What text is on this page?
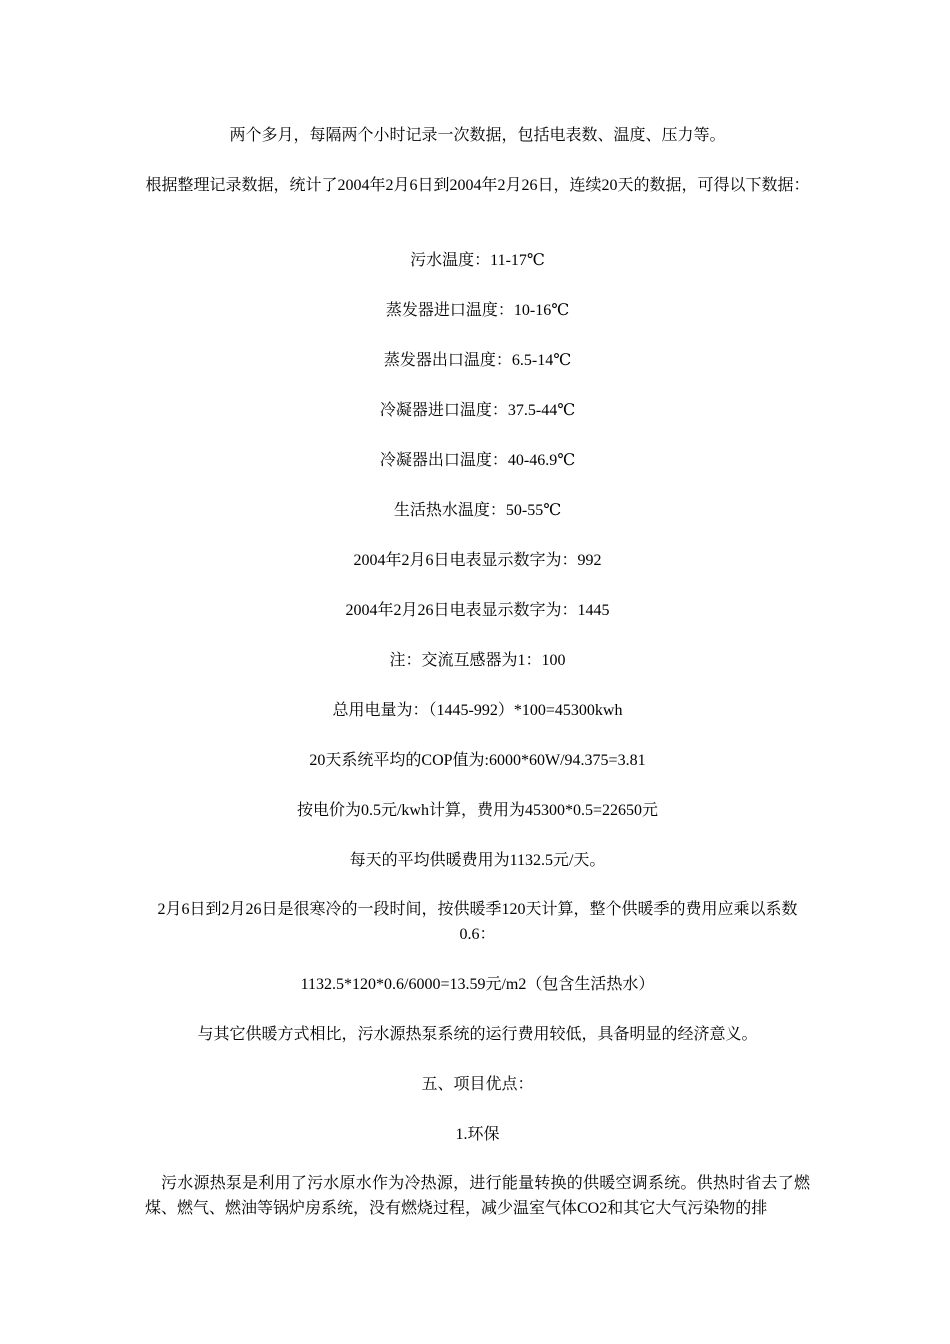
两个多月，每隔两个小时记录一次数据，包括电表数、温度、压力等。

根据整理记录数据，统计了2004年2月6日到2004年2月26日，连续20天的数据，可得以下数据：

污水温度：11-17℃

蒸发器进口温度：10-16℃

蒸发器出口温度：6.5-14℃

冷凝器进口温度：37.5-44℃

冷凝器出口温度：40-46.9℃

生活热水温度：50-55℃

2004年2月6日电表显示数字为：992

2004年2月26日电表显示数字为：1445

注：交流互感器为1：100

总用电量为：（1445-992）*100=45300kwh

20天系统平均的COP值为:6000*60W/94.375=3.81

按电价为0.5元/kwh计算，费用为45300*0.5=22650元

每天的平均供暖费用为1132.5元/天。

2月6日到2月26日是很寒冷的一段时间，按供暖季120天计算，整个供暖季的费用应乘以系数0.6：

1132.5*120*0.6/6000=13.59元/m2（包含生活热水）

与其它供暖方式相比，污水源热泵系统的运行费用较低，具备明显的经济意义。

五、项目优点：

1.环保

污水源热泵是利用了污水原水作为冷热源，进行能量转换的供暖空调系统。供热时省去了燃煤、燃气、燃油等锅炉房系统，没有燃烧过程，减少温室气体CO2和其它大气污染物的排
